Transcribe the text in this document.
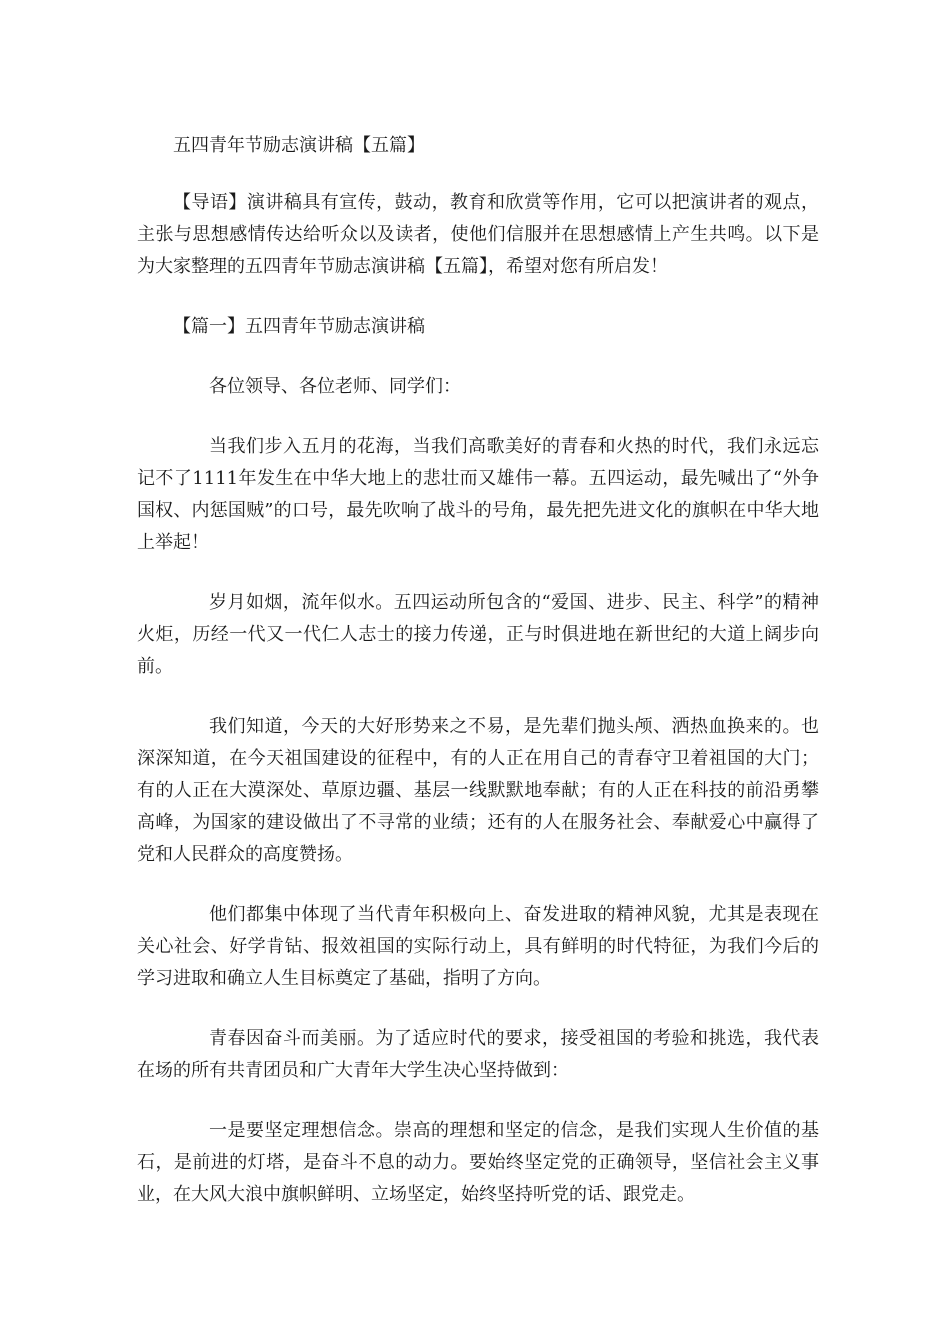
五四青年节励志演讲稿【五篇】

【导语】演讲稿具有宣传，鼓动，教育和欣赏等作用，它可以把演讲者的观点，主张与思想感情传达给听众以及读者，使他们信服并在思想感情上产生共鸣。以下是为大家整理的五四青年节励志演讲稿【五篇】，希望对您有所启发！

【篇一】五四青年节励志演讲稿

各位领导、各位老师、同学们：

当我们步入五月的花海，当我们高歌美好的青春和火热的时代，我们永远忘记不了1111年发生在中华大地上的悲壮而又雄伟一幕。五四运动，最先喊出了“外争国权、内惩国贼”的口号，最先吹响了战斗的号角，最先把先进文化的旗帜在中华大地上举起！

岁月如烟，流年似水。五四运动所包含的“爱国、进步、民主、科学”的精神火炬，历经一代又一代仁人志士的接力传递，正与时俱进地在新世纪的大道上阔步向前。

我们知道，今天的大好形势来之不易，是先辈们抛头颅、洒热血换来的。也深深知道，在今天祖国建设的征程中，有的人正在用自己的青春守卫着祖国的大门；有的人正在大漠深处、草原边疆、基层一线默默地奉献；有的人正在科技的前沿勇攀高峰，为国家的建设做出了不寻常的业绩；还有的人在服务社会、奉献爱心中赢得了党和人民群众的高度赞扬。

他们都集中体现了当代青年积极向上、奋发进取的精神风貌，尤其是表现在关心社会、好学肯钻、报效祖国的实际行动上，具有鲜明的时代特征，为我们今后的学习进取和确立人生目标奠定了基础，指明了方向。

青春因奋斗而美丽。为了适应时代的要求，接受祖国的考验和挑选，我代表在场的所有共青团员和广大青年大学生决心坚持做到：

一是要坚定理想信念。崇高的理想和坚定的信念，是我们实现人生价值的基石，是前进的灯塔，是奋斗不息的动力。要始终坚定党的正确领导，坚信社会主义事业，在大风大浪中旗帜鲜明、立场坚定，始终坚持听党的话、跟党走。
